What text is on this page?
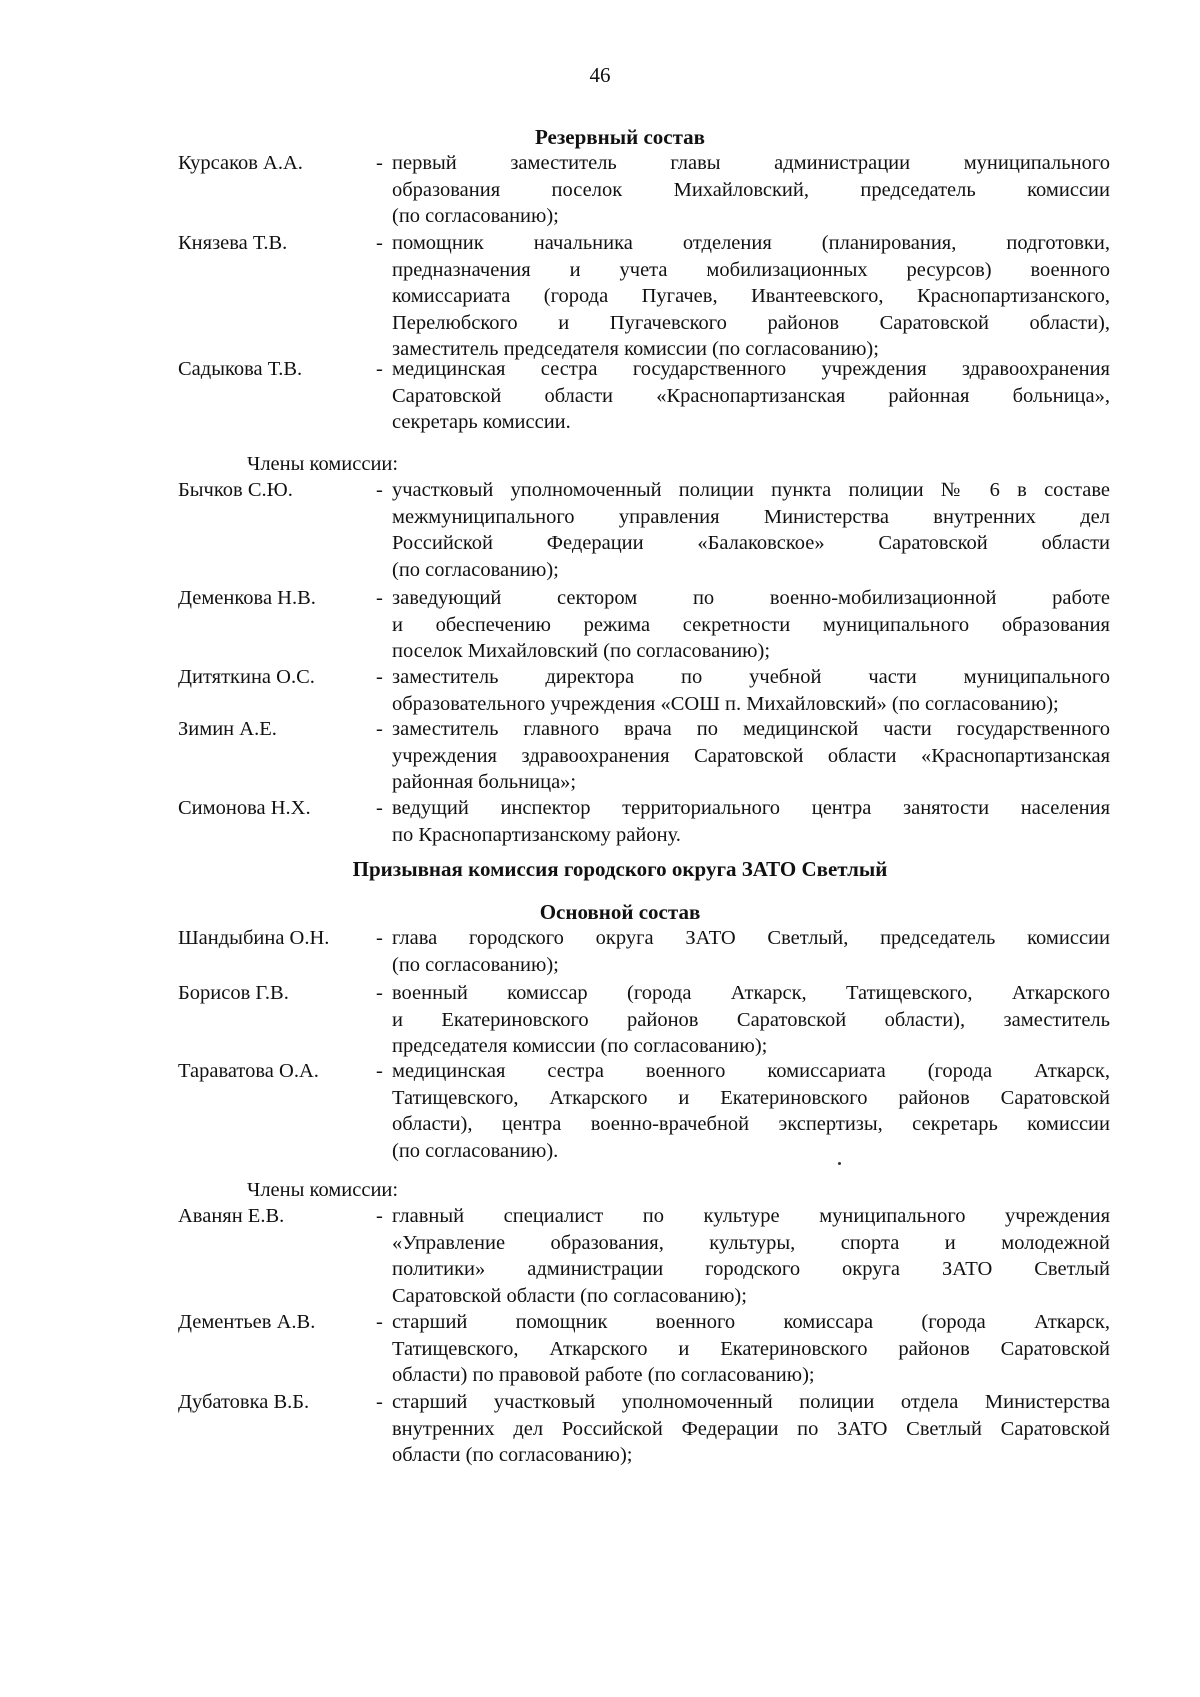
46
Резервный состав
Курсаков А.А.	- первый заместитель главы администрации муниципального
образования поселок Михайловский, председатель комиссии
(по согласованию);
Князева Т.В.	- помощник начальника отделения (планирования, подготовки,
предназначения и учета мобилизационных ресурсов) военного
комиссариата (города Пугачев, Ивантеевского, Краснопартизанского,
Перелюбского и Пугачевского районов Саратовской области),
заместитель председателя комиссии (по согласованию);
Садыкова Т.В.	- медицинская сестра государственного учреждения здравоохранения
Саратовской области «Краснопартизанская районная больница»,
секретарь комиссии.
Члены комиссии:
Бычков С.Ю.	- участковый уполномоченный полиции пункта полиции № 6 в составе
межмуниципального управления Министерства внутренних дел
Российской Федерации «Балаковское» Саратовской области
(по согласованию);
Деменкова Н.В.	- заведующий сектором по военно-мобилизационной работе
и обеспечению режима секретности муниципального образования
поселок Михайловский (по согласованию);
Дитяткина О.С.	- заместитель директора по учебной части муниципального
образовательного учреждения «СОШ п. Михайловский» (по согласованию);
Зимин А.Е.	- заместитель главного врача по медицинской части государственного
учреждения здравоохранения Саратовской области «Краснопартизанская
районная больница»;
Симонова Н.Х.	- ведущий инспектор территориального центра занятости населения
по Краснопартизанскому району.
Призывная комиссия городского округа ЗАТО Светлый
Основной состав
Шандыбина О.Н. - глава городского округа ЗАТО Светлый, председатель комиссии
(по согласованию);
Борисов Г.В.	- военный комиссар (города Аткарск, Татищевского, Аткарского
и Екатериновского районов Саратовской области), заместитель
председателя комиссии (по согласованию);
Тараватова О.А.	- медицинская сестра военного комиссариата (города Аткарск,
Татищевского, Аткарского и Екатериновского районов Саратовской
области), центра военно-врачебной экспертизы, секретарь комиссии
(по согласованию).
Члены комиссии:
Аванян Е.В.	- главный специалист по культуре муниципального учреждения
«Управление образования, культуры, спорта и молодежной
политики» администрации городского округа ЗАТО Светлый
Саратовской области (по согласованию);
Дементьев А.В.	- старший помощник военного комиссара (города Аткарск,
Татищевского, Аткарского и Екатериновского районов Саратовской
области) по правовой работе (по согласованию);
Дубатовка В.Б.	- старший участковый уполномоченный полиции отдела Министерства
внутренних дел Российской Федерации по ЗАТО Светлый Саратовской
области (по согласованию);
